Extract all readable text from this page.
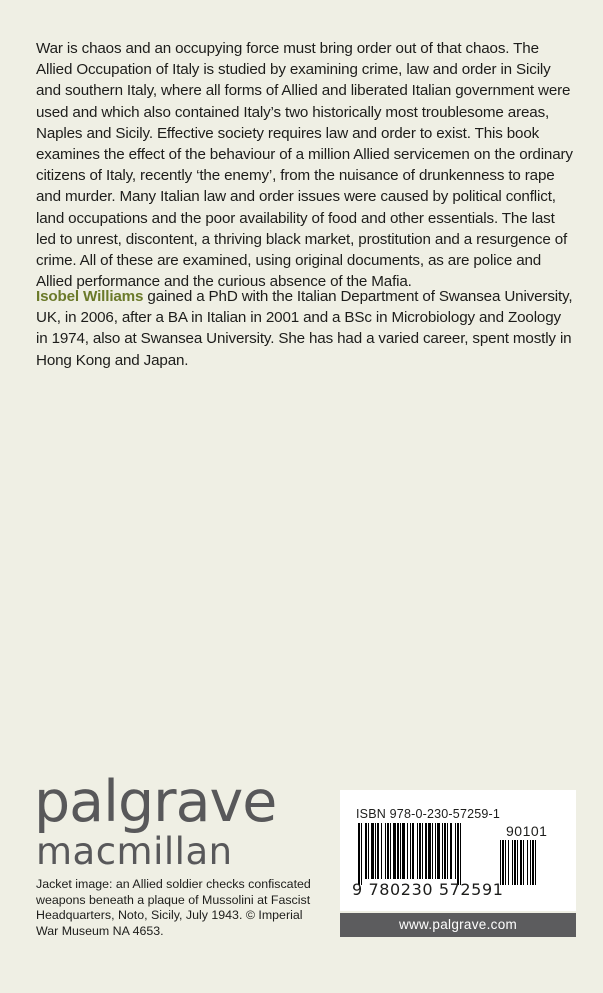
War is chaos and an occupying force must bring order out of that chaos. The Allied Occupation of Italy is studied by examining crime, law and order in Sicily and southern Italy, where all forms of Allied and liberated Italian government were used and which also contained Italy’s two historically most troublesome areas, Naples and Sicily. Effective society requires law and order to exist. This book examines the effect of the behaviour of a million Allied servicemen on the ordinary citizens of Italy, recently ‘the enemy’, from the nuisance of drunkenness to rape and murder. Many Italian law and order issues were caused by political conflict, land occupations and the poor availability of food and other essentials. The last led to unrest, discontent, a thriving black market, prostitution and a resurgence of crime. All of these are examined, using original documents, as are police and Allied performance and the curious absence of the Mafia.

Isobel Williams gained a PhD with the Italian Department of Swansea University, UK, in 2006, after a BA in Italian in 2001 and a BSc in Microbiology and Zoology in 1974, also at Swansea University. She has had a varied career, spent mostly in Hong Kong and Japan.

palgrave
macmillan

Jacket image: an Allied soldier checks confiscated weapons beneath a plaque of Mussolini at Fascist Headquarters, Noto, Sicily, July 1943. © Imperial War Museum NA 4653.

ISBN 978-0-230-57259-1
90101
9 780230 572591
www.palgrave.com
